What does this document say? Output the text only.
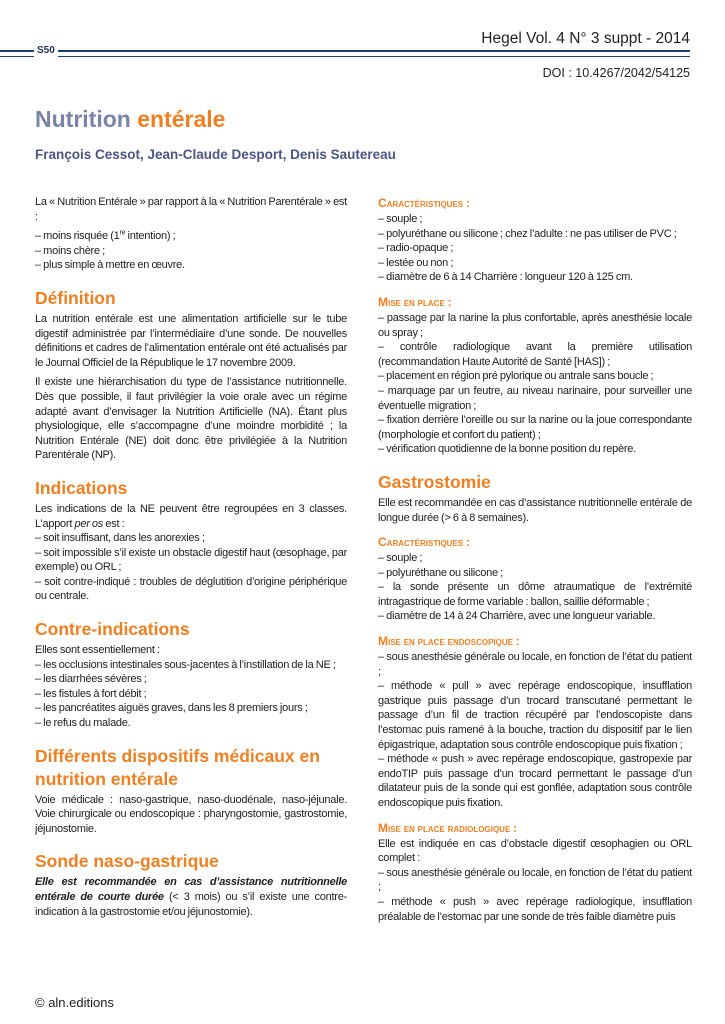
Hegel Vol. 4 N° 3 suppt - 2014
S50
DOI : 10.4267/2042/54125
Nutrition entérale
François Cessot, Jean-Claude Desport, Denis Sautereau

La « Nutrition Entérale » par rapport à la « Nutrition Parentérale » est :

– moins risquée (1re intention) ;
– moins chère ;
– plus simple à mettre en œuvre.
Définition

La nutrition entérale est une alimentation artificielle sur le tube digestif administrée par l’intermédiaire d’une sonde. De nouvelles définitions et cadres de l’alimentation entérale ont été actualisés par le Journal Officiel de la République le 17 novembre 2009.

Il existe une hiérarchisation du type de l’assistance nutritionnelle. Dès que possible, il faut privilégier la voie orale avec un régime adapté avant d’envisager la Nutrition Artificielle (NA). Étant plus physiologique, elle s’accompagne d’une moindre morbidité ; la Nutrition Entérale (NE) doit donc être privilégiée à la Nutrition Parentérale (NP).

Indications
Les indications de la NE peuvent être regroupées en 3 classes. L’apport per os est :
– soit insuffisant, dans les anorexies ;
– soit impossible s’il existe un obstacle digestif haut (œsophage, par exemple) ou ORL ;
– soit contre-indiqué : troubles de déglutition d’origine périphérique ou centrale.
Contre-indications
Elles sont essentiellement :
– les occlusions intestinales sous-jacentes à l’instillation de la NE ;
– les diarrhées sévères ;
– les fistules à fort débit ;
– les pancréatites aiguës graves, dans les 8 premiers jours ;
– le refus du malade.
Différents dispositifs médicaux en nutrition entérale

Voie médicale : naso-gastrique, naso-duodénale, naso-jéjunale. Voie chirurgicale ou endoscopique : pharyngostomie, gastrostomie, jéjunostomie.

Sonde naso-gastrique

Elle est recommandée en cas d’assistance nutritionnelle entérale de courte durée (< 3 mois) ou s’il existe une contre-indication à la gastrostomie et/ou jéjunostomie).

Caractéristiques :
– souple ;
– polyuréthane ou silicone ; chez l’adulte : ne pas utiliser de PVC ;
– radio-opaque ;
– lestée ou non ;
– diamètre de 6 à 14 Charrière : longueur 120 à 125 cm.
Mise en place :
– passage par la narine la plus confortable, après anesthésie locale ou spray ;
– contrôle radiologique avant la première utilisation (recommandation Haute Autorité de Santé [HAS]) ;
– placement en région pré pylorique ou antrale sans boucle ;
– marquage par un feutre, au niveau narinaire, pour surveiller une éventuelle migration ;
– fixation derrière l’oreille ou sur la narine ou la joue correspondante (morphologie et confort du patient) ;
– vérification quotidienne de la bonne position du repère.
Gastrostomie

Elle est recommandée en cas d’assistance nutritionnelle entérale de longue durée (> 6 à 8 semaines).

Caractéristiques :
– souple ;
– polyuréthane ou silicone ;
– la sonde présente un dôme atraumatique de l’extrémité intragastrique de forme variable : ballon, saillie déformable ;
– diamètre de 14 à 24 Charrière, avec une longueur variable.
Mise en place endoscopique :
– sous anesthésie générale ou locale, en fonction de l’état du patient ;
– méthode « pull » avec repérage endoscopique, insufflation gastrique puis passage d’un trocard transcutané permettant le passage d’un fil de traction récupéré par l’endoscopiste dans l’estomac puis ramené à la bouche, traction du dispositif par le lien épigastrique, adaptation sous contrôle endoscopique puis fixation ;
– méthode « push » avec repérage endoscopique, gastropexie par endoTIP puis passage d’un trocard permettant le passage d’un dilatateur puis de la sonde qui est gonflée, adaptation sous contrôle endoscopique puis fixation.
Mise en place radiologique :
Elle est indiquée en cas d’obstacle digestif œsophagien ou ORL complet :
– sous anesthésie générale ou locale, en fonction de l’état du patient ;
– méthode « push » avec repérage radiologique, insufflation préalable de l’estomac par une sonde de très faible diamètre puis
© aln.editions
